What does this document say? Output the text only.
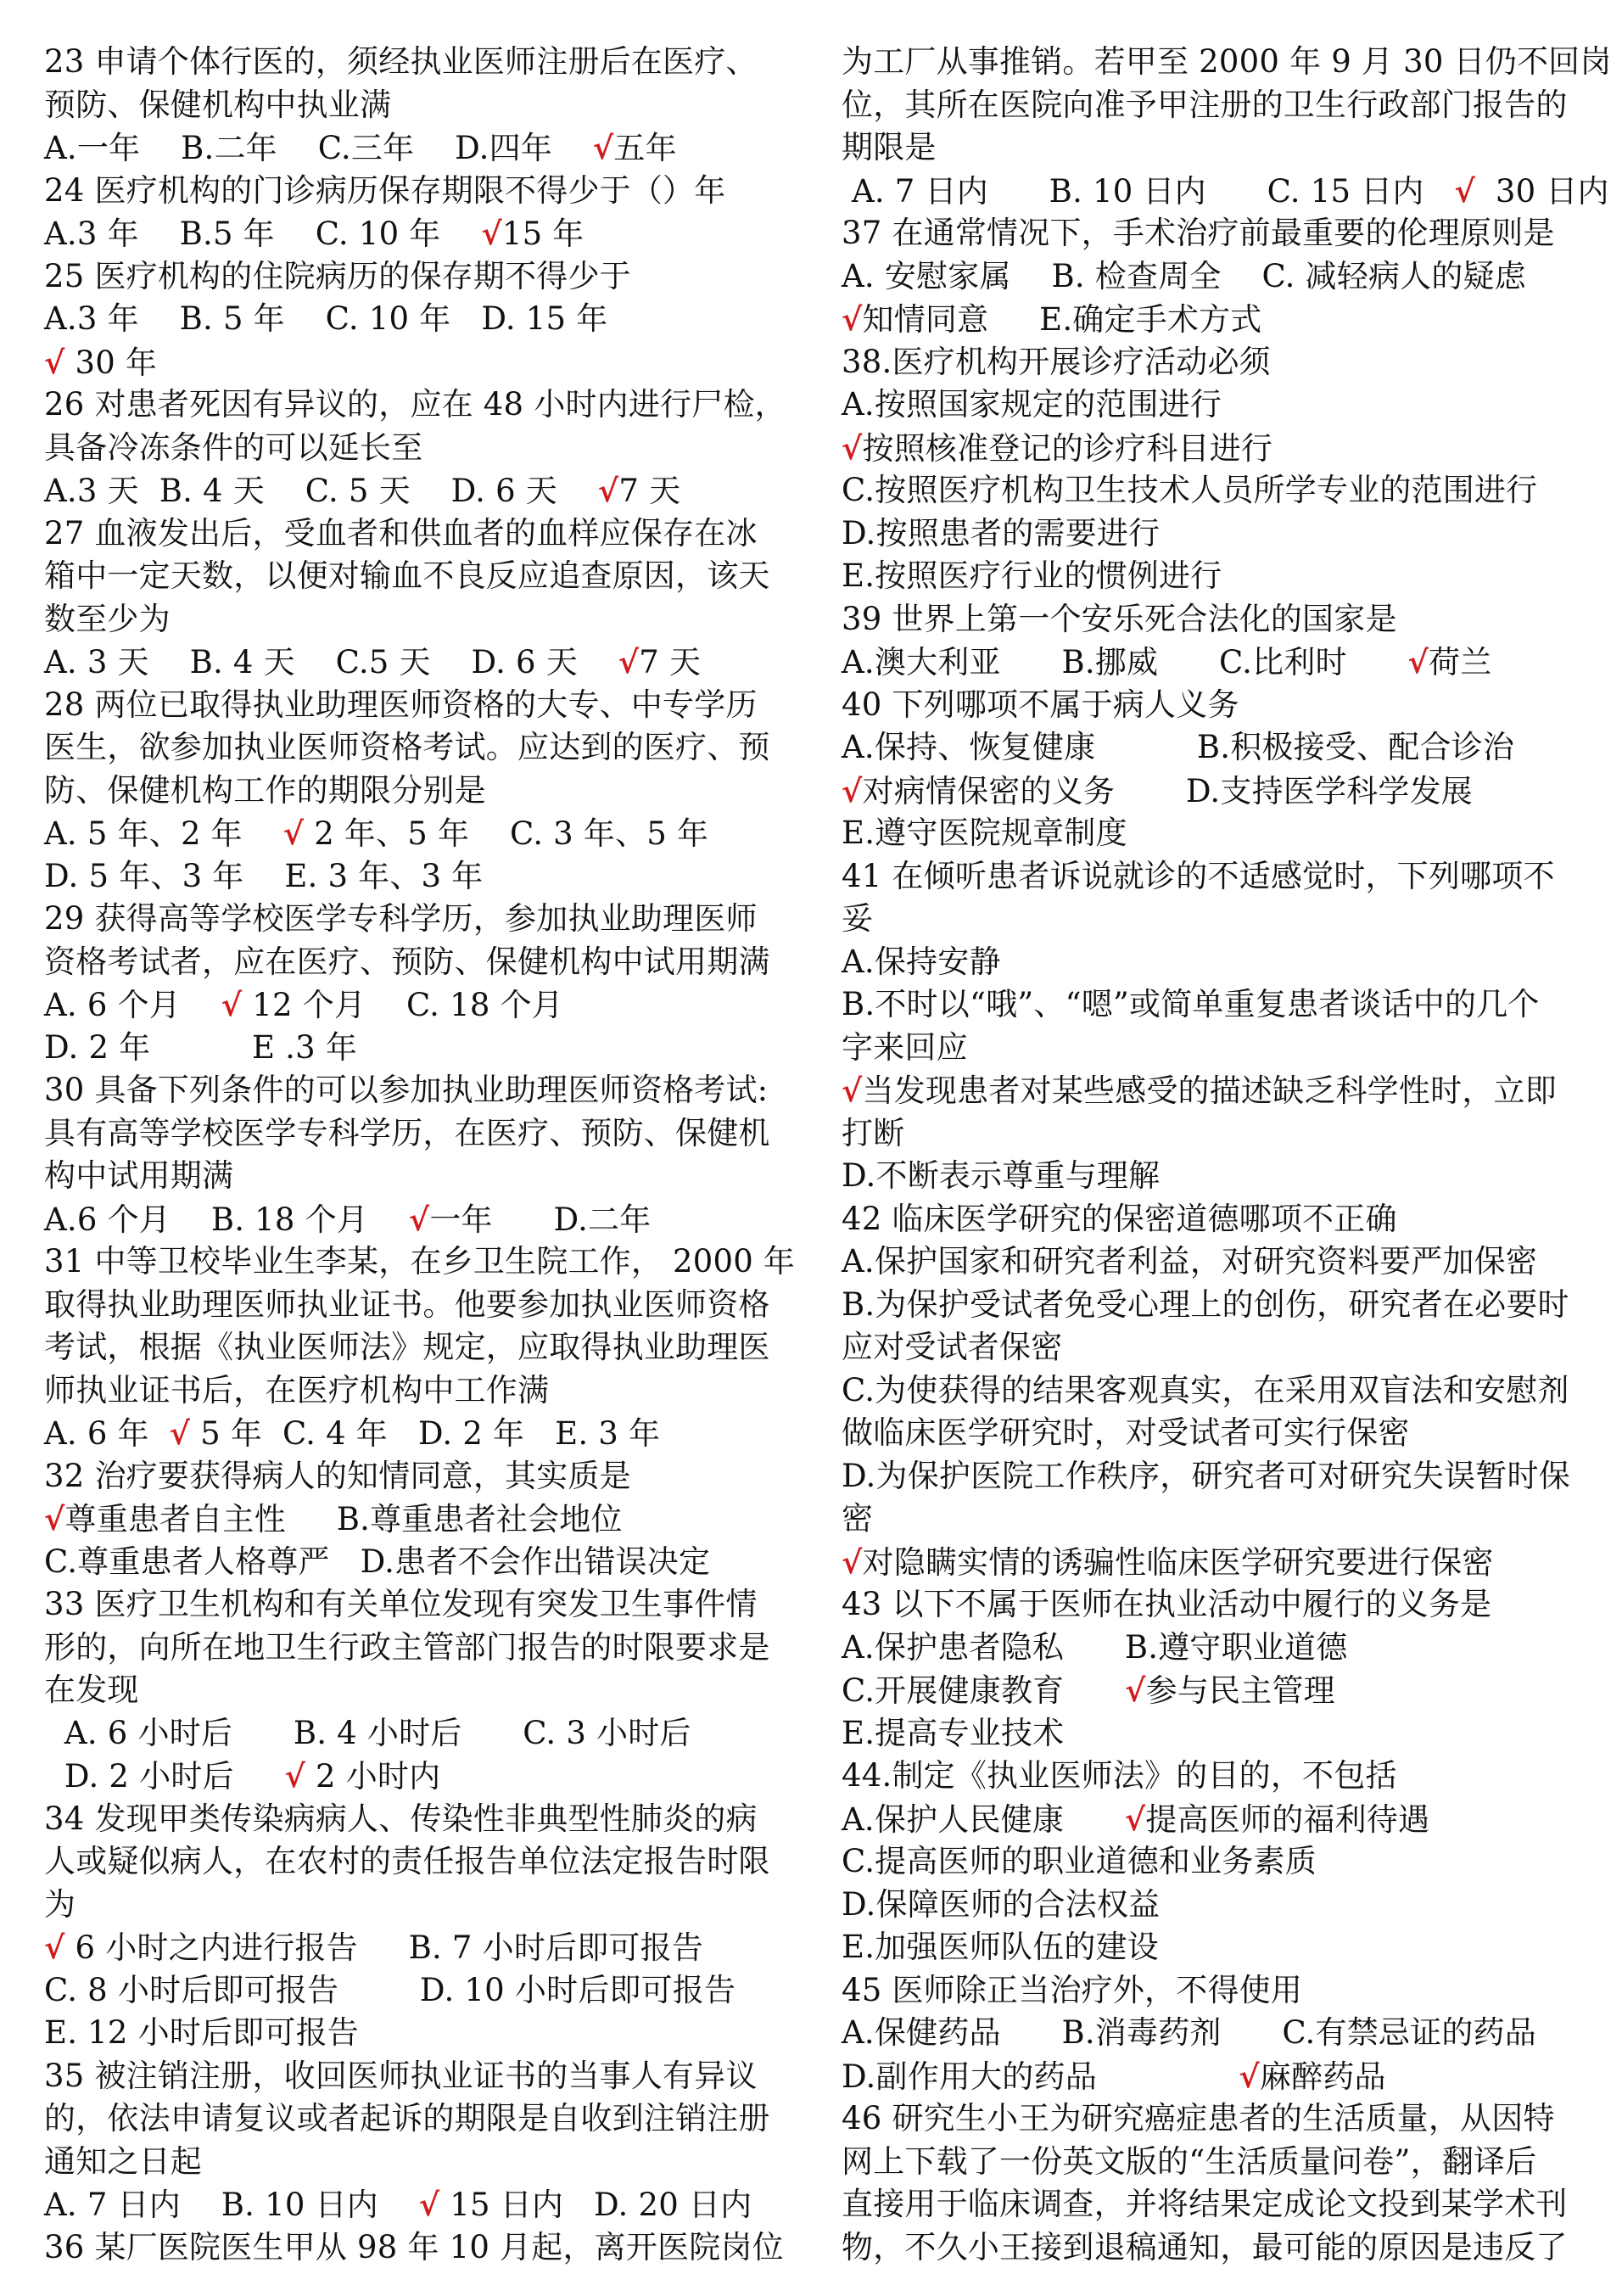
23 申请个体行医的，须经执业医师注册后在医疗、
预防、保健机构中执业满
A.一年    B.二年    C.三年    D.四年    √五年
24 医疗机构的门诊病历保存期限不得少于（）年
A.3 年    B.5 年    C. 10 年    √15 年
25 医疗机构的住院病历的保存期不得少于
A.3 年    B. 5 年    C. 10 年   D. 15 年
√ 30 年
26 对患者死因有异议的，应在 48 小时内进行尸检，
具备冷冻条件的可以延长至
A.3 天  B. 4 天    C. 5 天    D. 6 天    √7 天
27 血液发出后，受血者和供血者的血样应保存在冰
箱中一定天数，以便对输血不良反应追查原因，该天
数至少为
A. 3 天    B. 4 天    C.5 天    D. 6 天    √7 天
28 两位已取得执业助理医师资格的大专、中专学历
医生，欲参加执业医师资格考试。应达到的医疗、预
防、保健机构工作的期限分别是
A. 5 年、2 年    √ 2 年、5 年    C. 3 年、5 年
D. 5 年、3 年    E. 3 年、3 年
29 获得高等学校医学专科学历，参加执业助理医师
资格考试者，应在医疗、预防、保健机构中试用期满
A. 6 个月    √ 12 个月    C. 18 个月
D. 2 年          E .3 年
30 具备下列条件的可以参加执业助理医师资格考试:
具有高等学校医学专科学历，在医疗、预防、保健机
构中试用期满
A.6 个月    B. 18 个月    √一年      D.二年
31 中等卫校毕业生李某，在乡卫生院工作， 2000 年
取得执业助理医师执业证书。他要参加执业医师资格
考试，根据《执业医师法》规定，应取得执业助理医
师执业证书后，在医疗机构中工作满
A. 6 年  √ 5 年  C. 4 年   D. 2 年   E. 3 年
32 治疗要获得病人的知情同意，其实质是
√尊重患者自主性     B.尊重患者社会地位
C.尊重患者人格尊严   D.患者不会作出错误决定
33 医疗卫生机构和有关单位发现有突发卫生事件情
形的，向所在地卫生行政主管部门报告的时限要求是
在发现
A. 6 小时后      B. 4 小时后      C. 3 小时后
D. 2 小时后     √ 2 小时内
34 发现甲类传染病病人、传染性非典型性肺炎的病
人或疑似病人，在农村的责任报告单位法定报告时限
为
√ 6 小时之内进行报告     B. 7 小时后即可报告
C. 8 小时后即可报告        D. 10 小时后即可报告
E. 12 小时后即可报告
35 被注销注册，收回医师执业证书的当事人有异议
的，依法申请复议或者起诉的期限是自收到注销注册
通知之日起
A. 7 日内    B. 10 日内    √ 15 日内   D. 20 日内
36 某厂医院医生甲从 98 年 10 月起，离开医院岗位
为工厂从事推销。若甲至 2000 年 9 月 30 日仍不回岗
位，其所在医院向准予甲注册的卫生行政部门报告的
期限是
A. 7 日内      B. 10 日内      C. 15 日内   √  30 日内
37 在通常情况下，手术治疗前最重要的伦理原则是
A. 安慰家属    B. 检查周全    C. 减轻病人的疑虑
√知情同意     E.确定手术方式
38.医疗机构开展诊疗活动必须
A.按照国家规定的范围进行
√按照核准登记的诊疗科目进行
C.按照医疗机构卫生技术人员所学专业的范围进行
D.按照患者的需要进行
E.按照医疗行业的惯例进行
39 世界上第一个安乐死合法化的国家是
A.澳大利亚      B.挪威      C.比利时      √荷兰
40 下列哪项不属于病人义务
A.保持、恢复健康          B.积极接受、配合诊治
√对病情保密的义务       D.支持医学科学发展
E.遵守医院规章制度
41 在倾听患者诉说就诊的不适感觉时，下列哪项不
妥
A.保持安静
B.不时以“哦”、“嗯”或简单重复患者谈话中的几个
字来回应
√当发现患者对某些感受的描述缺乏科学性时，立即
打断
D.不断表示尊重与理解
42 临床医学研究的保密道德哪项不正确
A.保护国家和研究者利益，对研究资料要严加保密
B.为保护受试者免受心理上的创伤，研究者在必要时
应对受试者保密
C.为使获得的结果客观真实，在采用双盲法和安慰剂
做临床医学研究时，对受试者可实行保密
D.为保护医院工作秩序，研究者可对研究失误暂时保
密
√对隐瞒实情的诱骗性临床医学研究要进行保密
43 以下不属于医师在执业活动中履行的义务是
A.保护患者隐私      B.遵守职业道德
C.开展健康教育      √参与民主管理
E.提高专业技术
44.制定《执业医师法》的目的，不包括
A.保护人民健康      √提高医师的福利待遇
C.提高医师的职业道德和业务素质
D.保障医师的合法权益
E.加强医师队伍的建设
45 医师除正当治疗外，不得使用
A.保健药品      B.消毒药剂      C.有禁忌证的药品
D.副作用大的药品              √麻醉药品
46 研究生小王为研究癌症患者的生活质量，从因特
网上下载了一份英文版的“生活质量问卷”，翻译后
直接用于临床调查，并将结果定成论文投到某学术刊
物，不久小王接到退稿通知，最可能的原因是违反了
